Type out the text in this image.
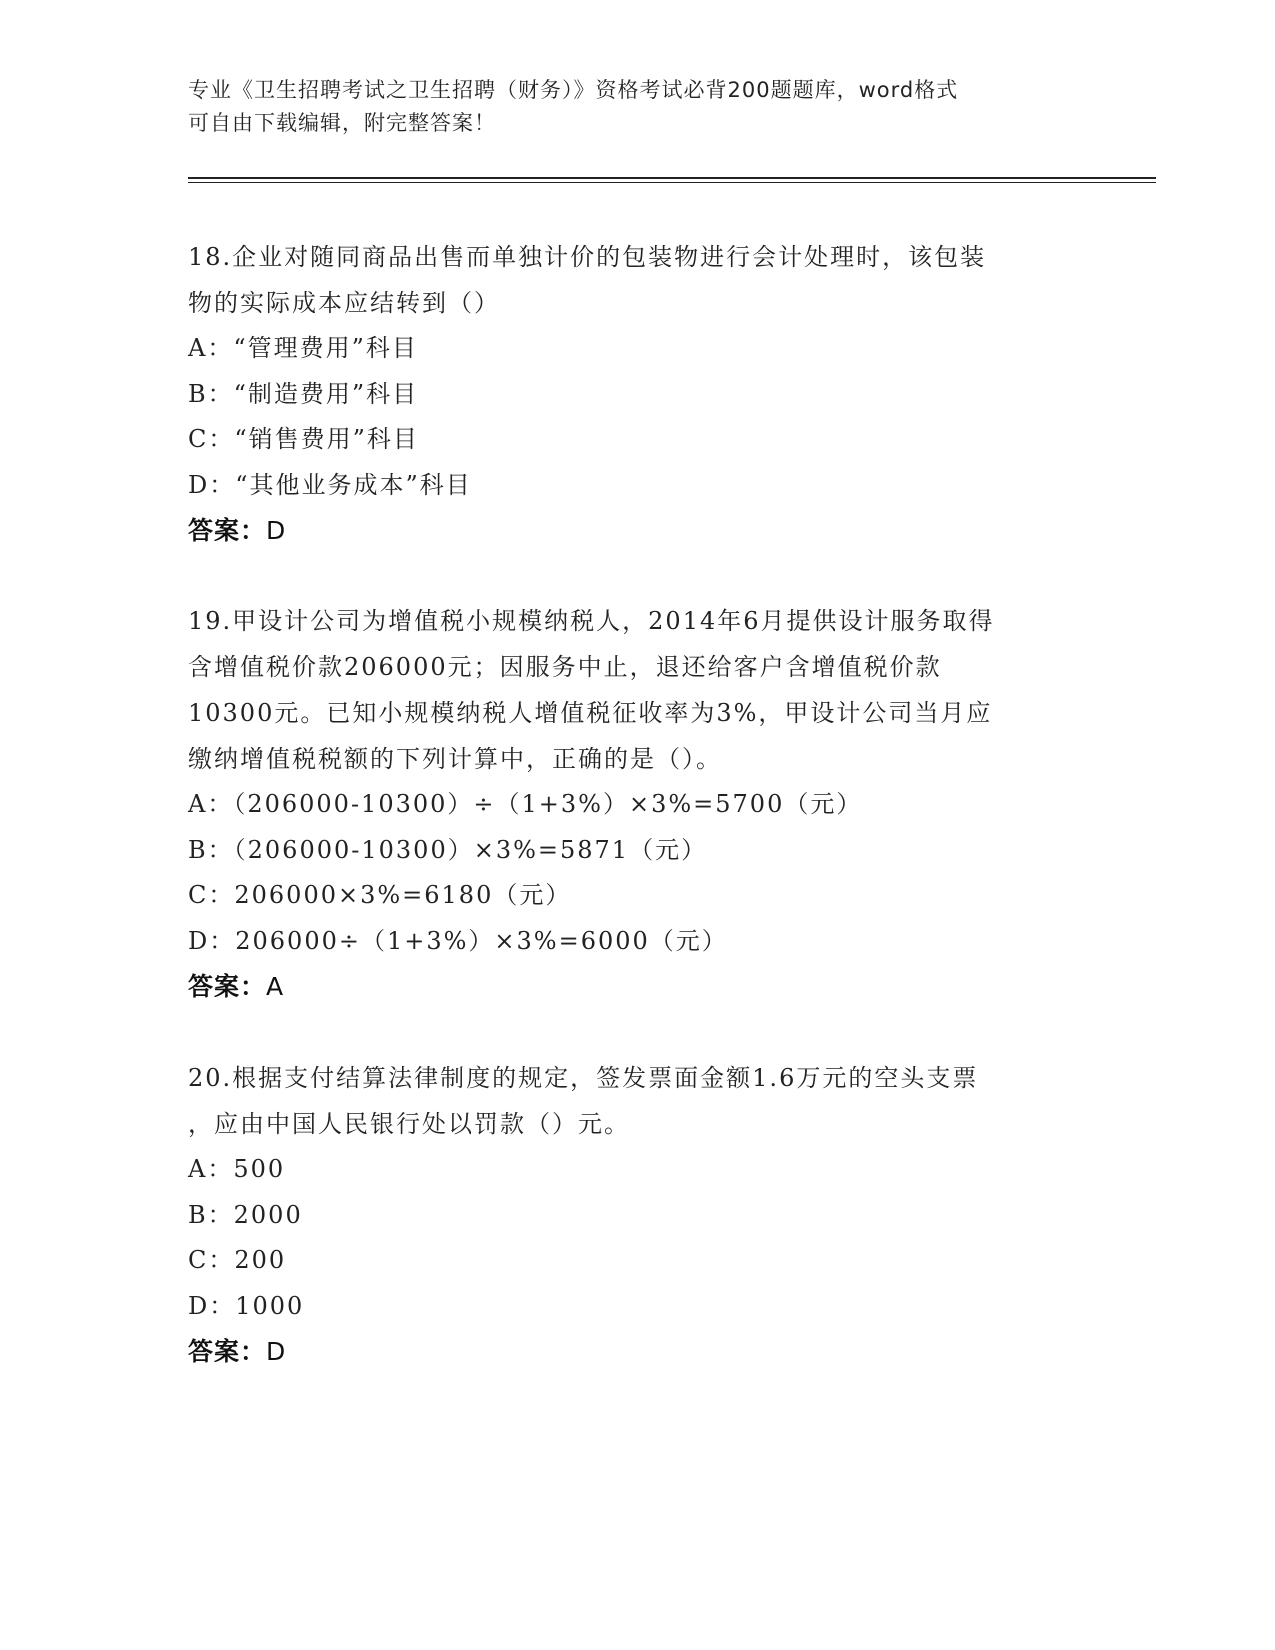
专业《卫生招聘考试之卫生招聘（财务）》资格考试必背200题题库，word格式
可自由下载编辑，附完整答案！
18.企业对随同商品出售而单独计价的包装物进行会计处理时，该包装
物的实际成本应结转到（）
A：“管理费用”科目
B：“制造费用”科目
C：“销售费用”科目
D：“其他业务成本”科目
答案：D
19.甲设计公司为增值税小规模纳税人，2014年6月提供设计服务取得
含增值税价款206000元；因服务中止，退还给客户含增值税价款
10300元。已知小规模纳税人增值税征收率为3%，甲设计公司当月应
缴纳增值税税额的下列计算中，正确的是（）。
A：（206000-10300）÷（1+3%）×3%=5700（元）
B：（206000-10300）×3%=5871（元）
C：206000×3%=6180（元）
D：206000÷（1+3%）×3%=6000（元）
答案：A
20.根据支付结算法律制度的规定，签发票面金额1.6万元的空头支票
，应由中国人民银行处以罚款（）元。
A：500
B：2000
C：200
D：1000
答案：D
